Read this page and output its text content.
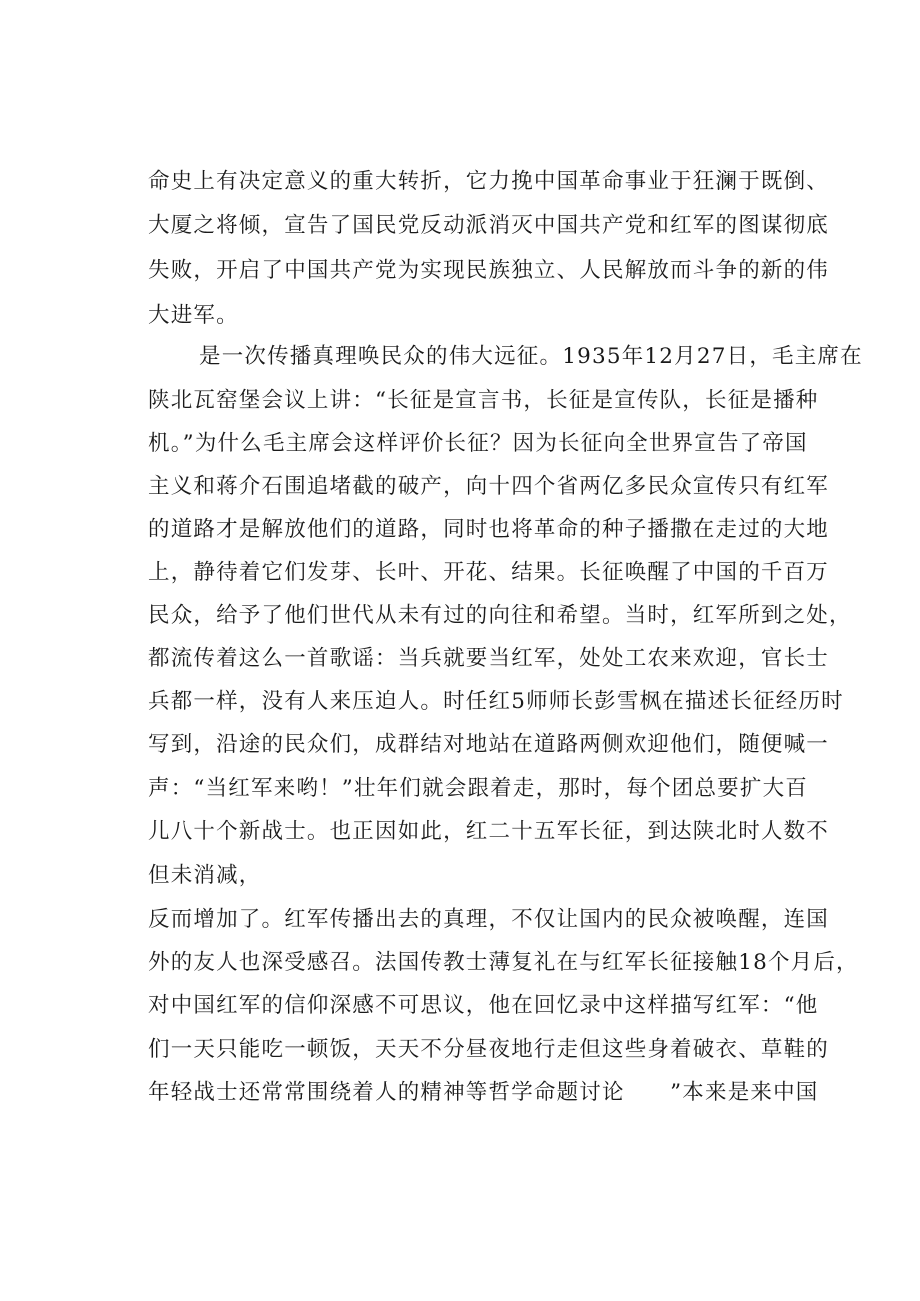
命史上有决定意义的重大转折，它力挽中国革命事业于狂澜于既倒、
大厦之将倾，宣告了国民党反动派消灭中国共产党和红军的图谋彻底
失败，开启了中国共产党为实现民族独立、人民解放而斗争的新的伟
大进军。
是一次传播真理唤民众的伟大远征。1935年12月27日，毛主席在
陕北瓦窑堡会议上讲：“长征是宣言书，长征是宣传队，长征是播种
机。”为什么毛主席会这样评价长征？因为长征向全世界宣告了帝国
主义和蒋介石围追堵截的破产，向十四个省两亿多民众宣传只有红军
的道路才是解放他们的道路，同时也将革命的种子播撒在走过的大地
上，静待着它们发芽、长叶、开花、结果。长征唤醒了中国的千百万
民众，给予了他们世代从未有过的向往和希望。当时，红军所到之处，
都流传着这么一首歌谣：当兵就要当红军，处处工农来欢迎，官长士
兵都一样，没有人来压迫人。时任红5师师长彭雪枫在描述长征经历时
写到，沿途的民众们，成群结对地站在道路两侧欢迎他们，随便喊一
声：“当红军来哟！”壮年们就会跟着走，那时，每个团总要扩大百
儿八十个新战士。也正因如此，红二十五军长征，到达陕北时人数不
但未消减，
反而增加了。红军传播出去的真理，不仅让国内的民众被唤醒，连国
外的友人也深受感召。法国传教士薄复礼在与红军长征接触18个月后，
对中国红军的信仰深感不可思议，他在回忆录中这样描写红军：“他
们一天只能吃一顿饭，天天不分昼夜地行走但这些身着破衣、草鞋的
年轻战士还常常围绕着人的精神等哲学命题讨论　　”本来是来中国
